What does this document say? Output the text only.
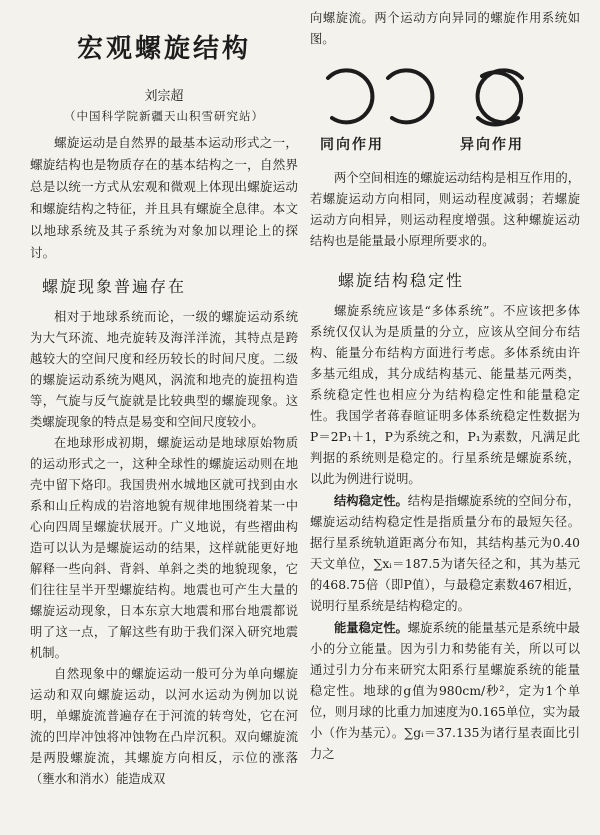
宏观螺旋结构
刘宗超
（中国科学院新疆天山积雪研究站）

螺旋运动是自然界的最基本运动形式之一，螺旋结构也是物质存在的基本结构之一，自然界总是以统一方式从宏观和微观上体现出螺旋运动和螺旋结构之特征，并且具有螺旋全息律。本文以地球系统及其子系统为对象加以理论上的探讨。

螺旋现象普遍存在

相对于地球系统而论，一级的螺旋运动系统为大气环流、地壳旋转及海洋洋流，其特点是跨越较大的空间尺度和经历较长的时间尺度。二级的螺旋运动系统为飓风，涡流和地壳的旋扭构造等，气旋与反气旋就是比较典型的螺旋现象。这类螺旋现象的特点是易变和空间尺度较小。

在地球形成初期，螺旋运动是地球原始物质的运动形式之一，这种全球性的螺旋运动则在地壳中留下烙印。我国贵州水城地区就可找到由水系和山丘构成的岩溶地貌有规律地围绕着某一中心向四周呈螺旋状展开。广义地说，有些褶曲构造可以认为是螺旋运动的结果，这样就能更好地解释一些向斜、背斜、单斜之类的地貌现象，它们往往呈半开型螺旋结构。地震也可产生大量的螺旋运动现象，日本东京大地震和邢台地震都说明了这一点，了解这些有助于我们深入研究地震机制。

自然现象中的螺旋运动一般可分为单向螺旋运动和双向螺旋运动，以河水运动为例加以说明，单螺旋流普遍存在于河流的转弯处，它在河流的凹岸冲蚀将冲蚀物在凸岸沉积。双向螺旋流是两股螺旋流，其螺旋方向相反，示位的涨落（壅水和消水）能造成双

向螺旋流。两个运动方向异同的螺旋作用系统如图。

同向作用	异向作用

两个空间相连的螺旋运动结构是相互作用的，若螺旋运动方向相同，则运动程度减弱；若螺旋运动方向相异，则运动程度增强。这种螺旋运动结构也是能量最小原理所要求的。

螺旋结构稳定性

螺旋系统应该是“多体系统”。不应该把多体系统仅仅认为是质量的分立，应该从空间分布结构、能量分布结构方面进行考虑。多体系统由许多基元组成，其分成结构基元、能量基元两类，系统稳定性也相应分为结构稳定性和能量稳定性。我国学者蒋春暄证明多体系统稳定性数据为 P＝2P₁＋1，P为系统之和，P₁为素数，凡满足此判据的系统则是稳定的。行星系统是螺旋系统，以此为例进行说明。

结构稳定性。结构是指螺旋系统的空间分布，螺旋运动结构稳定性是指质量分布的最短矢径。据行星系统轨道距离分布知，其结构基元为0.40天文单位，∑xᵢ＝187.5为诸矢径之和，其为基元的468.75倍（即P值），与最稳定素数467相近，说明行星系统是结构稳定的。

能量稳定性。螺旋系统的能量基元是系统中最小的分立能量。因为引力和势能有关，所以可以通过引力分布来研究太阳系行星螺旋系统的能量稳定性。地球的g值为980cm/秒²，定为1个单位，则月球的比重力加速度为0.165单位，实为最小（作为基元）。∑gᵢ＝37.135为诸行星表面比引力之
